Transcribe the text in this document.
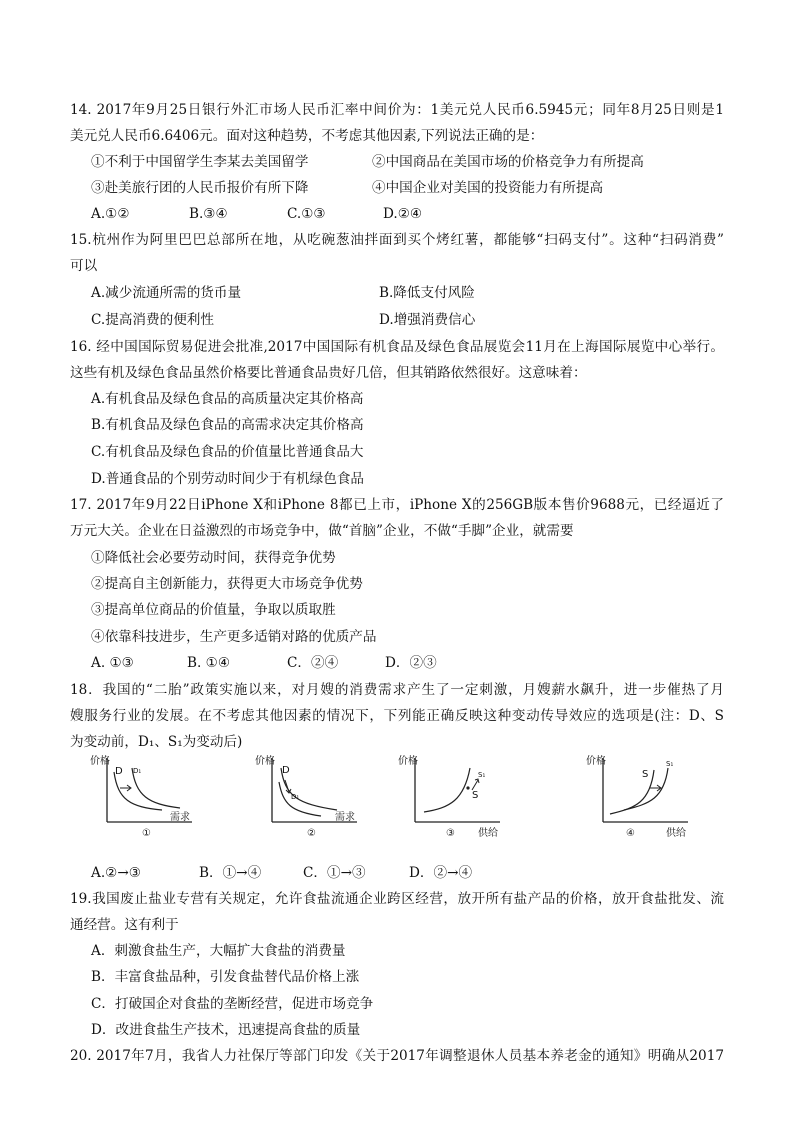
14. 2017年9月25日银行外汇市场人民币汇率中间价为：1美元兑人民币6.5945元；同年8月25日则是1
美元兑人民币6.6406元。面对这种趋势，不考虑其他因素,下列说法正确的是：
①不利于中国留学生李某去美国留学	②中国商品在美国市场的价格竞争力有所提高
③赴美旅行团的人民币报价有所下降	④中国企业对美国的投资能力有所提高
A.①②	B.③④	C.①③	D.②④
15.杭州作为阿里巴巴总部所在地，从吃碗葱油拌面到买个烤红薯，都能够“扫码支付”。这种“扫码消费”
可以
A.减少流通所需的货币量	B.降低支付风险
C.提高消费的便利性	D.增强消费信心
16. 经中国国际贸易促进会批准,2017中国国际有机食品及绿色食品展览会11月在上海国际展览中心举行。
这些有机及绿色食品虽然价格要比普通食品贵好几倍，但其销路依然很好。这意味着：
A.有机食品及绿色食品的高质量决定其价格高
B.有机食品及绿色食品的高需求决定其价格高
C.有机食品及绿色食品的价值量比普通食品大
D.普通食品的个别劳动时间少于有机绿色食品
17. 2017年9月22日iPhone X和iPhone 8都已上市，iPhone X的256GB版本售价9688元，已经逼近了
万元大关。企业在日益激烈的市场竞争中，做“首脑”企业，不做“手脚”企业，就需要
①降低社会必要劳动时间，获得竞争优势
②提高自主创新能力，获得更大市场竞争优势
③提高单位商品的价值量，争取以质取胜
④依靠科技进步，生产更多适销对路的优质产品
A. ①③	B. ①④	C．②④	D．②③
18．我国的“二胎”政策实施以来，对月嫂的消费需求产生了一定刺激，月嫂薪水飙升，进一步催热了月
嫂服务行业的发展。在不考虑其他因素的情况下，下列能正确反映这种变动传导效应的选项是(注：D、S
为变动前，D₁、S₁为变动后)
价格
D D₁
需求
①
价格
D
D₁
需求
②
价格
S₁
S
供给
③
价格
S
S₁
供给
④
A.②→③	B．①→④	C．①→③	D．②→④
19.我国废止盐业专营有关规定，允许食盐流通企业跨区经营，放开所有盐产品的价格，放开食盐批发、流
通经营。这有利于
A．刺激食盐生产，大幅扩大食盐的消费量
B．丰富食盐品种，引发食盐替代品价格上涨
C．打破国企对食盐的垄断经营，促进市场竞争
D．改进食盐生产技术，迅速提高食盐的质量
20. 2017年7月，我省人力社保厅等部门印发《关于2017年调整退休人员基本养老金的通知》明确从2017
